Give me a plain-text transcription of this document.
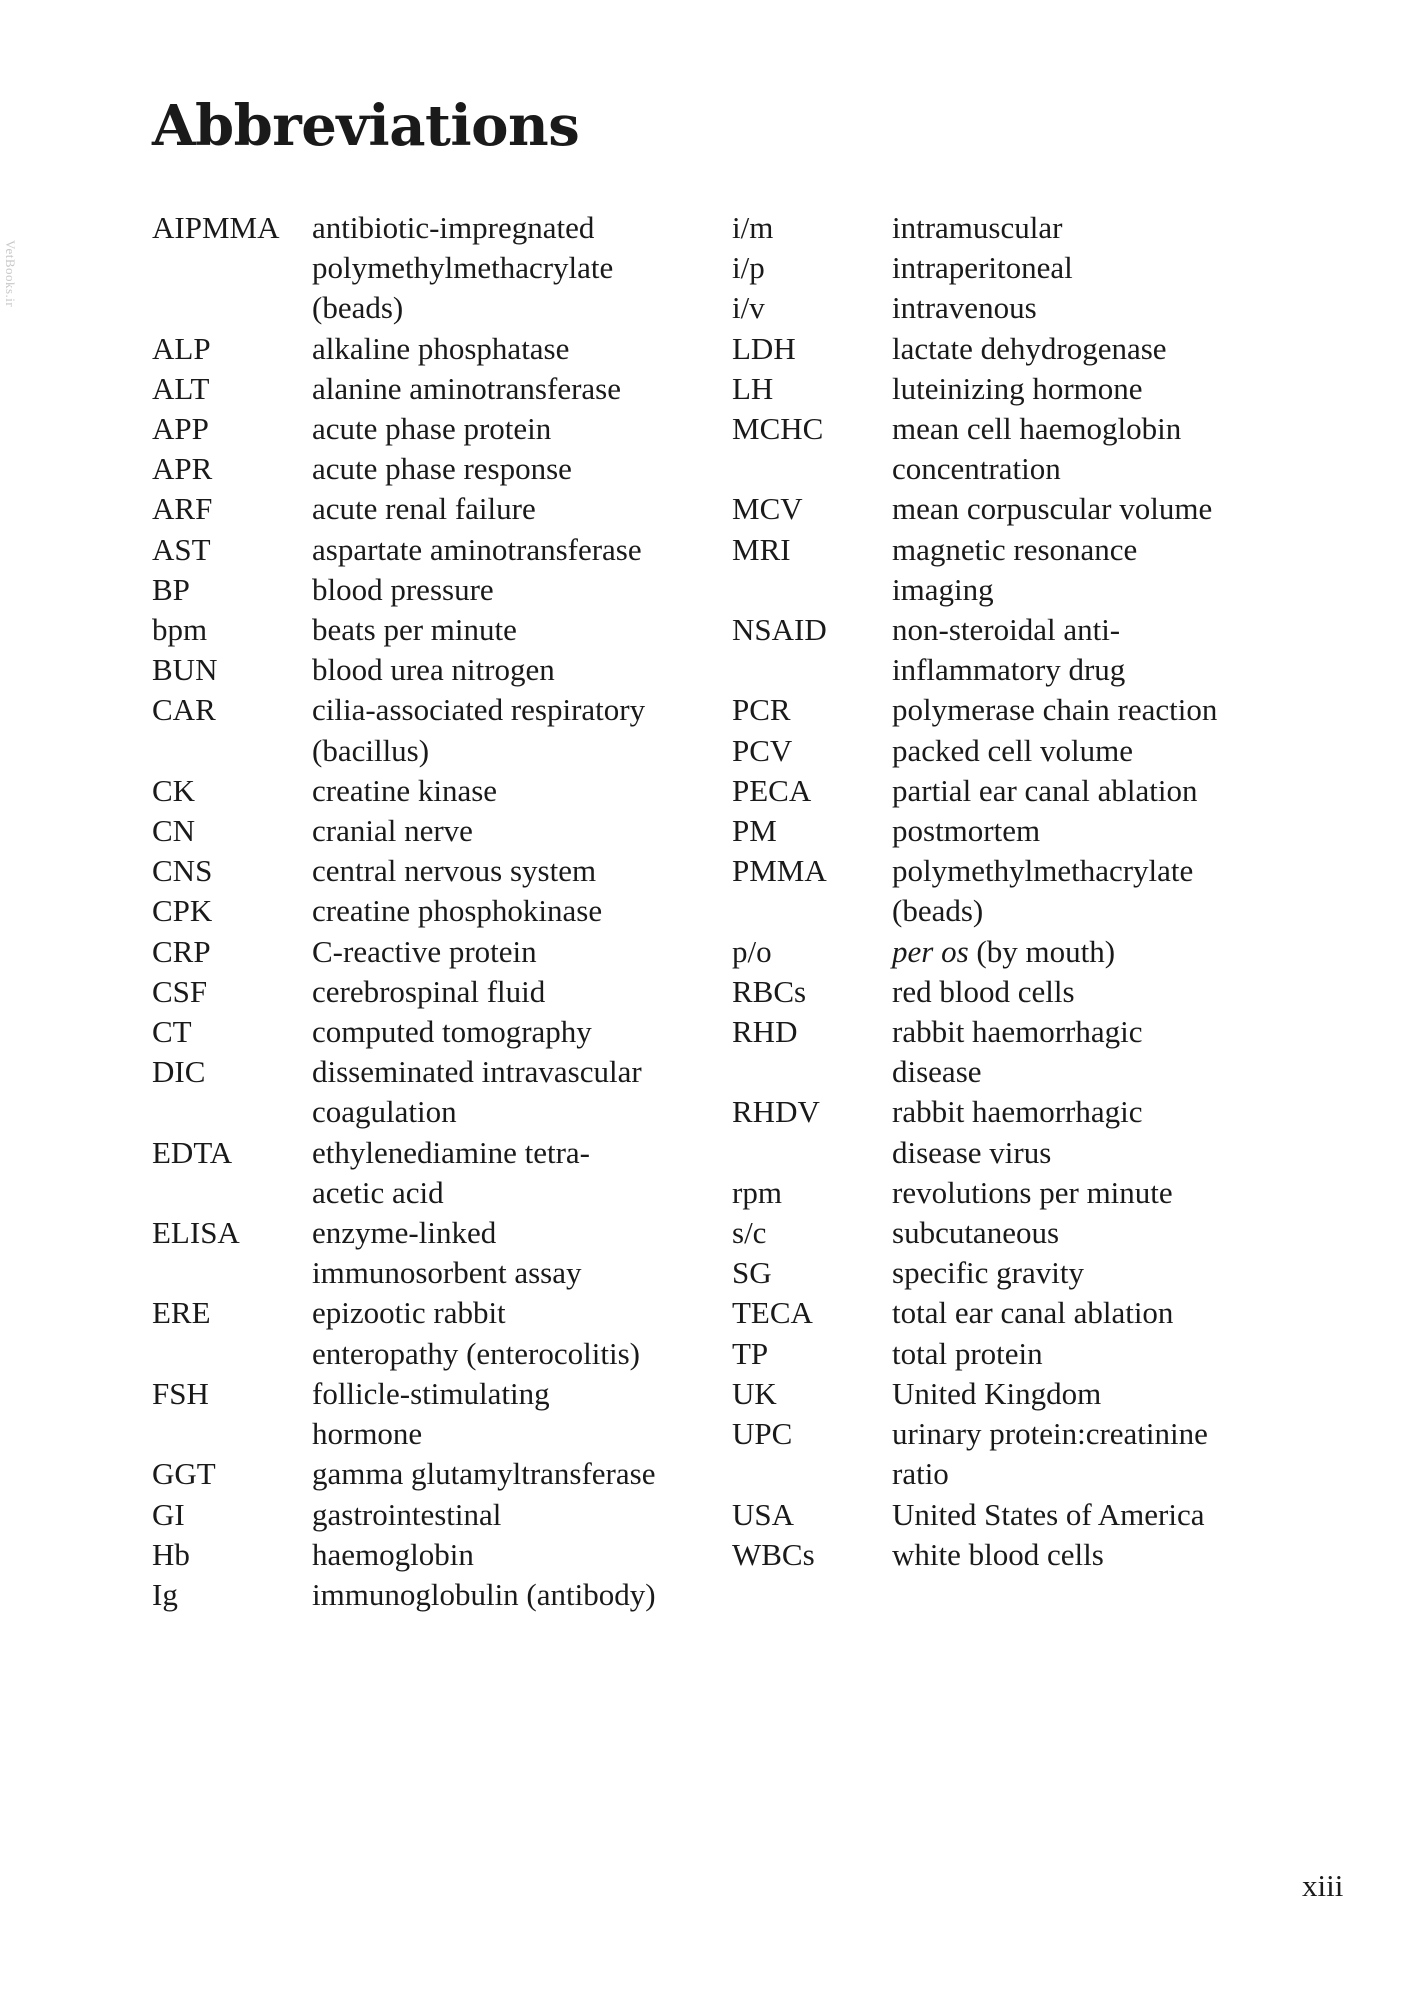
Abbreviations
VetBooks.ir
AIPMMA	antibiotic-impregnated
polymethylmethacrylate
(beads)
ALP	alkaline phosphatase
ALT	alanine aminotransferase
APP	acute phase protein
APR	acute phase response
ARF	acute renal failure
AST	aspartate aminotransferase
BP	blood pressure
bpm	beats per minute
BUN	blood urea nitrogen
CAR	cilia-associated respiratory
(bacillus)
CK	creatine kinase
CN	cranial nerve
CNS	central nervous system
CPK	creatine phosphokinase
CRP	C-reactive protein
CSF	cerebrospinal fluid
CT	computed tomography
DIC	disseminated intravascular
coagulation
EDTA	ethylenediamine tetra-
acetic acid
ELISA	enzyme-linked
immunosorbent assay
ERE	epizootic rabbit
enteropathy (enterocolitis)
FSH	follicle-stimulating
hormone
GGT	gamma glutamyltransferase
GI	gastrointestinal
Hb	haemoglobin
Ig	immunoglobulin (antibody)
i/m	intramuscular
i/p	intraperitoneal
i/v	intravenous
LDH	lactate dehydrogenase
LH	luteinizing hormone
MCHC	mean cell haemoglobin
concentration
MCV	mean corpuscular volume
MRI	magnetic resonance
imaging
NSAID	non-steroidal anti-
inflammatory drug
PCR	polymerase chain reaction
PCV	packed cell volume
PECA	partial ear canal ablation
PM	postmortem
PMMA	polymethylmethacrylate
(beads)
p/o	per os (by mouth)
RBCs	red blood cells
RHD	rabbit haemorrhagic
disease
RHDV	rabbit haemorrhagic
disease virus
rpm	revolutions per minute
s/c	subcutaneous
SG	specific gravity
TECA	total ear canal ablation
TP	total protein
UK	United Kingdom
UPC	urinary protein:creatinine
ratio
USA	United States of America
WBCs	white blood cells
xiii
